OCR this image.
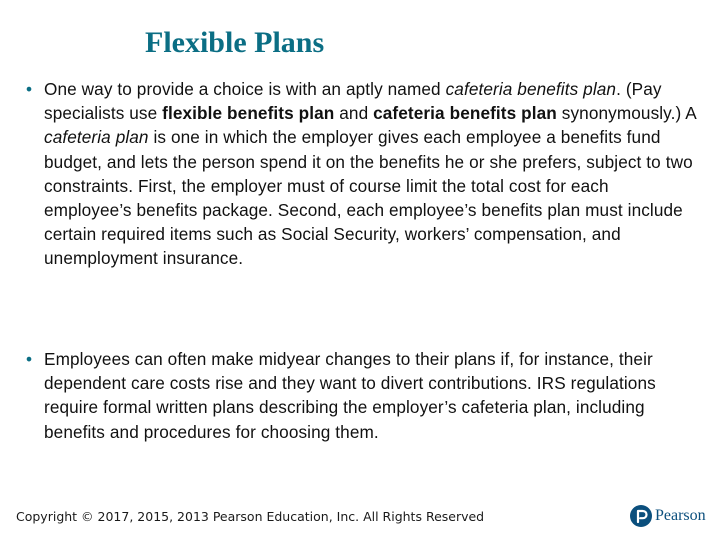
Flexible Plans
• One way to provide a choice is with an aptly named cafeteria benefits plan. (Pay specialists use flexible benefits plan and cafeteria benefits plan synonymously.) A cafeteria plan is one in which the employer gives each employee a benefits fund budget, and lets the person spend it on the benefits he or she prefers, subject to two constraints. First, the employer must of course limit the total cost for each employee’s benefits package. Second, each employee’s benefits plan must include certain required items such as Social Security, workers’ compensation, and unemployment insurance.
• Employees can often make midyear changes to their plans if, for instance, their dependent care costs rise and they want to divert contributions. IRS regulations require formal written plans describing the employer’s cafeteria plan, including benefits and procedures for choosing them.
Copyright © 2017, 2015, 2013 Pearson Education, Inc. All Rights Reserved	Pearson
